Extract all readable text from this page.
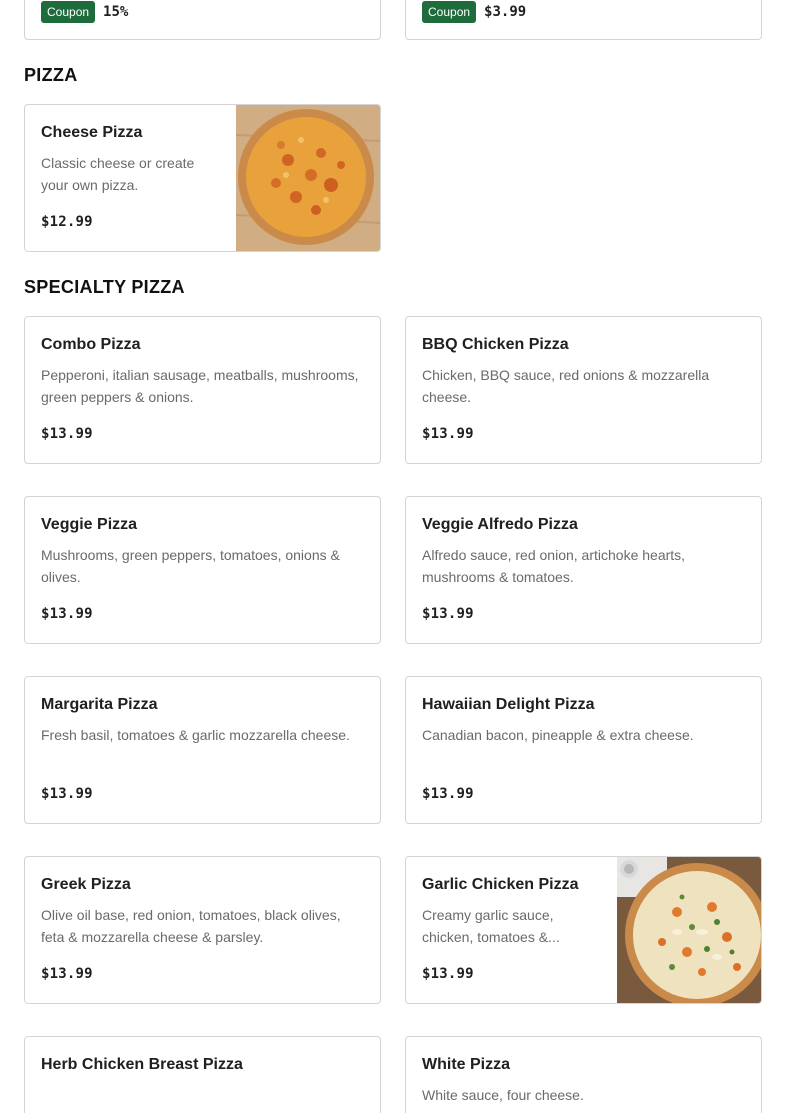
Coupon	15%	Coupon	$3.99
PIZZA
Cheese Pizza
Classic cheese or create your own pizza.
$12.99
SPECIALTY PIZZA
Combo Pizza
Pepperoni, italian sausage, meatballs, mushrooms, green peppers & onions.
$13.99
BBQ Chicken Pizza
Chicken, BBQ sauce, red onions & mozzarella cheese.
$13.99
Veggie Pizza
Mushrooms, green peppers, tomatoes, onions & olives.
$13.99
Veggie Alfredo Pizza
Alfredo sauce, red onion, artichoke hearts, mushrooms & tomatoes.
$13.99
Margarita Pizza
Fresh basil, tomatoes & garlic mozzarella cheese.
$13.99
Hawaiian Delight Pizza
Canadian bacon, pineapple & extra cheese.
$13.99
Greek Pizza
Olive oil base, red onion, tomatoes, black olives, feta & mozzarella cheese & parsley.
$13.99
Garlic Chicken Pizza
Creamy garlic sauce, chicken, tomatoes &...
$13.99
Herb Chicken Breast Pizza	White Pizza
White sauce, four cheese.
